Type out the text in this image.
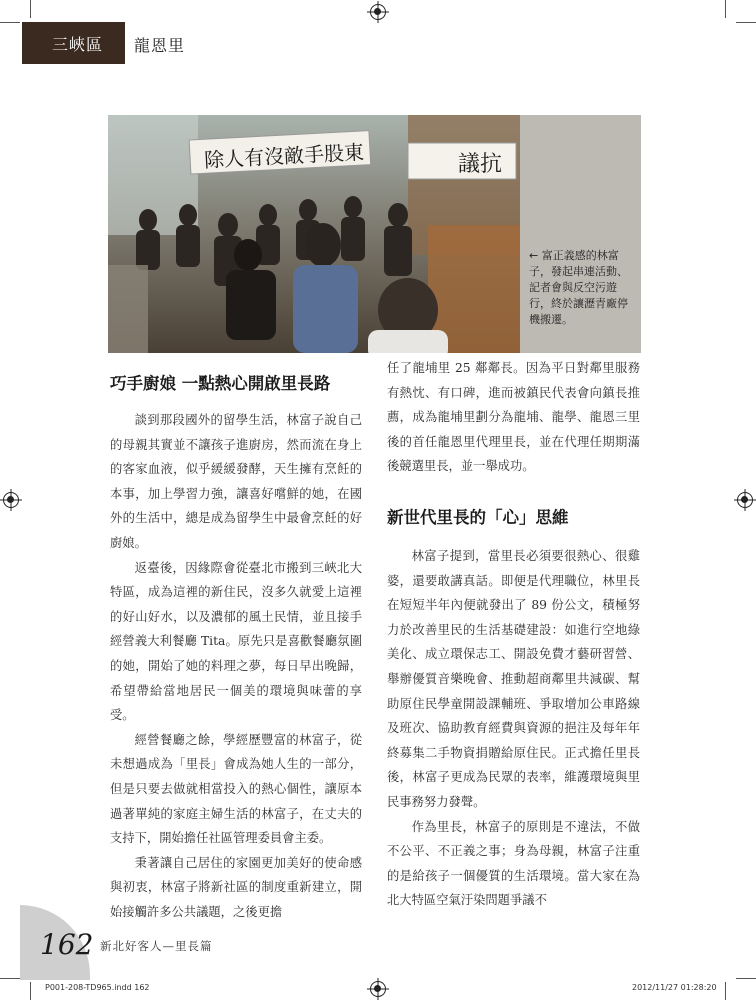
三峽區	龍恩里
除人有沒敵手股東	議抗
← 富正義感的林富子，發起串連活動、記者會與反空污遊行，終於讓瀝青廠停機搬遷。
巧手廚娘 一點熱心開啟里長路

談到那段國外的留學生活，林富子說自己的母親其實並不讓孩子進廚房，然而流在身上的客家血液，似乎緩緩發酵，天生擁有烹飪的本事，加上學習力強，讓喜好嚐鮮的她，在國外的生活中，總是成為留學生中最會烹飪的好廚娘。

返臺後，因緣際會從臺北市搬到三峽北大特區，成為這裡的新住民，沒多久就愛上這裡的好山好水，以及濃郁的風土民情，並且接手經營義大利餐廳 Tita。原先只是喜歡餐廳氛圍的她，開始了她的料理之夢，每日早出晚歸，希望帶給當地居民一個美的環境與味蕾的享受。

經營餐廳之餘，學經歷豐富的林富子，從未想過成為「里長」會成為她人生的一部分，但是只要去做就相當投入的熱心個性，讓原本過著單純的家庭主婦生活的林富子，在丈夫的支持下，開始擔任社區管理委員會主委。

秉著讓自己居住的家園更加美好的使命感與初衷，林富子將新社區的制度重新建立，開始接觸許多公共議題，之後更擔

任了龍埔里 25 鄰鄰長。因為平日對鄰里服務有熱忱、有口碑，進而被鎮民代表會向鎮長推薦，成為龍埔里劃分為龍埔、龍學、龍恩三里後的首任龍恩里代理里長，並在代理任期期滿後競選里長，並一舉成功。

新世代里長的「心」思維

林富子提到，當里長必須要很熱心、很雞婆，還要敢講真話。即便是代理職位，林里長在短短半年內便就發出了 89 份公文，積極努力於改善里民的生活基礎建設：如進行空地綠美化、成立環保志工、開設免費才藝研習營、舉辦優質音樂晚會、推動超商鄰里共減碳、幫助原住民學童開設課輔班、爭取增加公車路線及班次、協助教育經費與資源的挹注及每年年終募集二手物資捐贈給原住民。正式擔任里長後，林富子更成為民眾的表率，維護環境與里民事務努力發聲。

作為里長，林富子的原則是不違法，不做不公平、不正義之事；身為母親，林富子注重的是給孩子一個優質的生活環境。當大家在為北大特區空氣汙染問題爭議不

162 新北好客人—里長篇
P001-208-TD965.indd 162	2012/11/27 01:28:20
